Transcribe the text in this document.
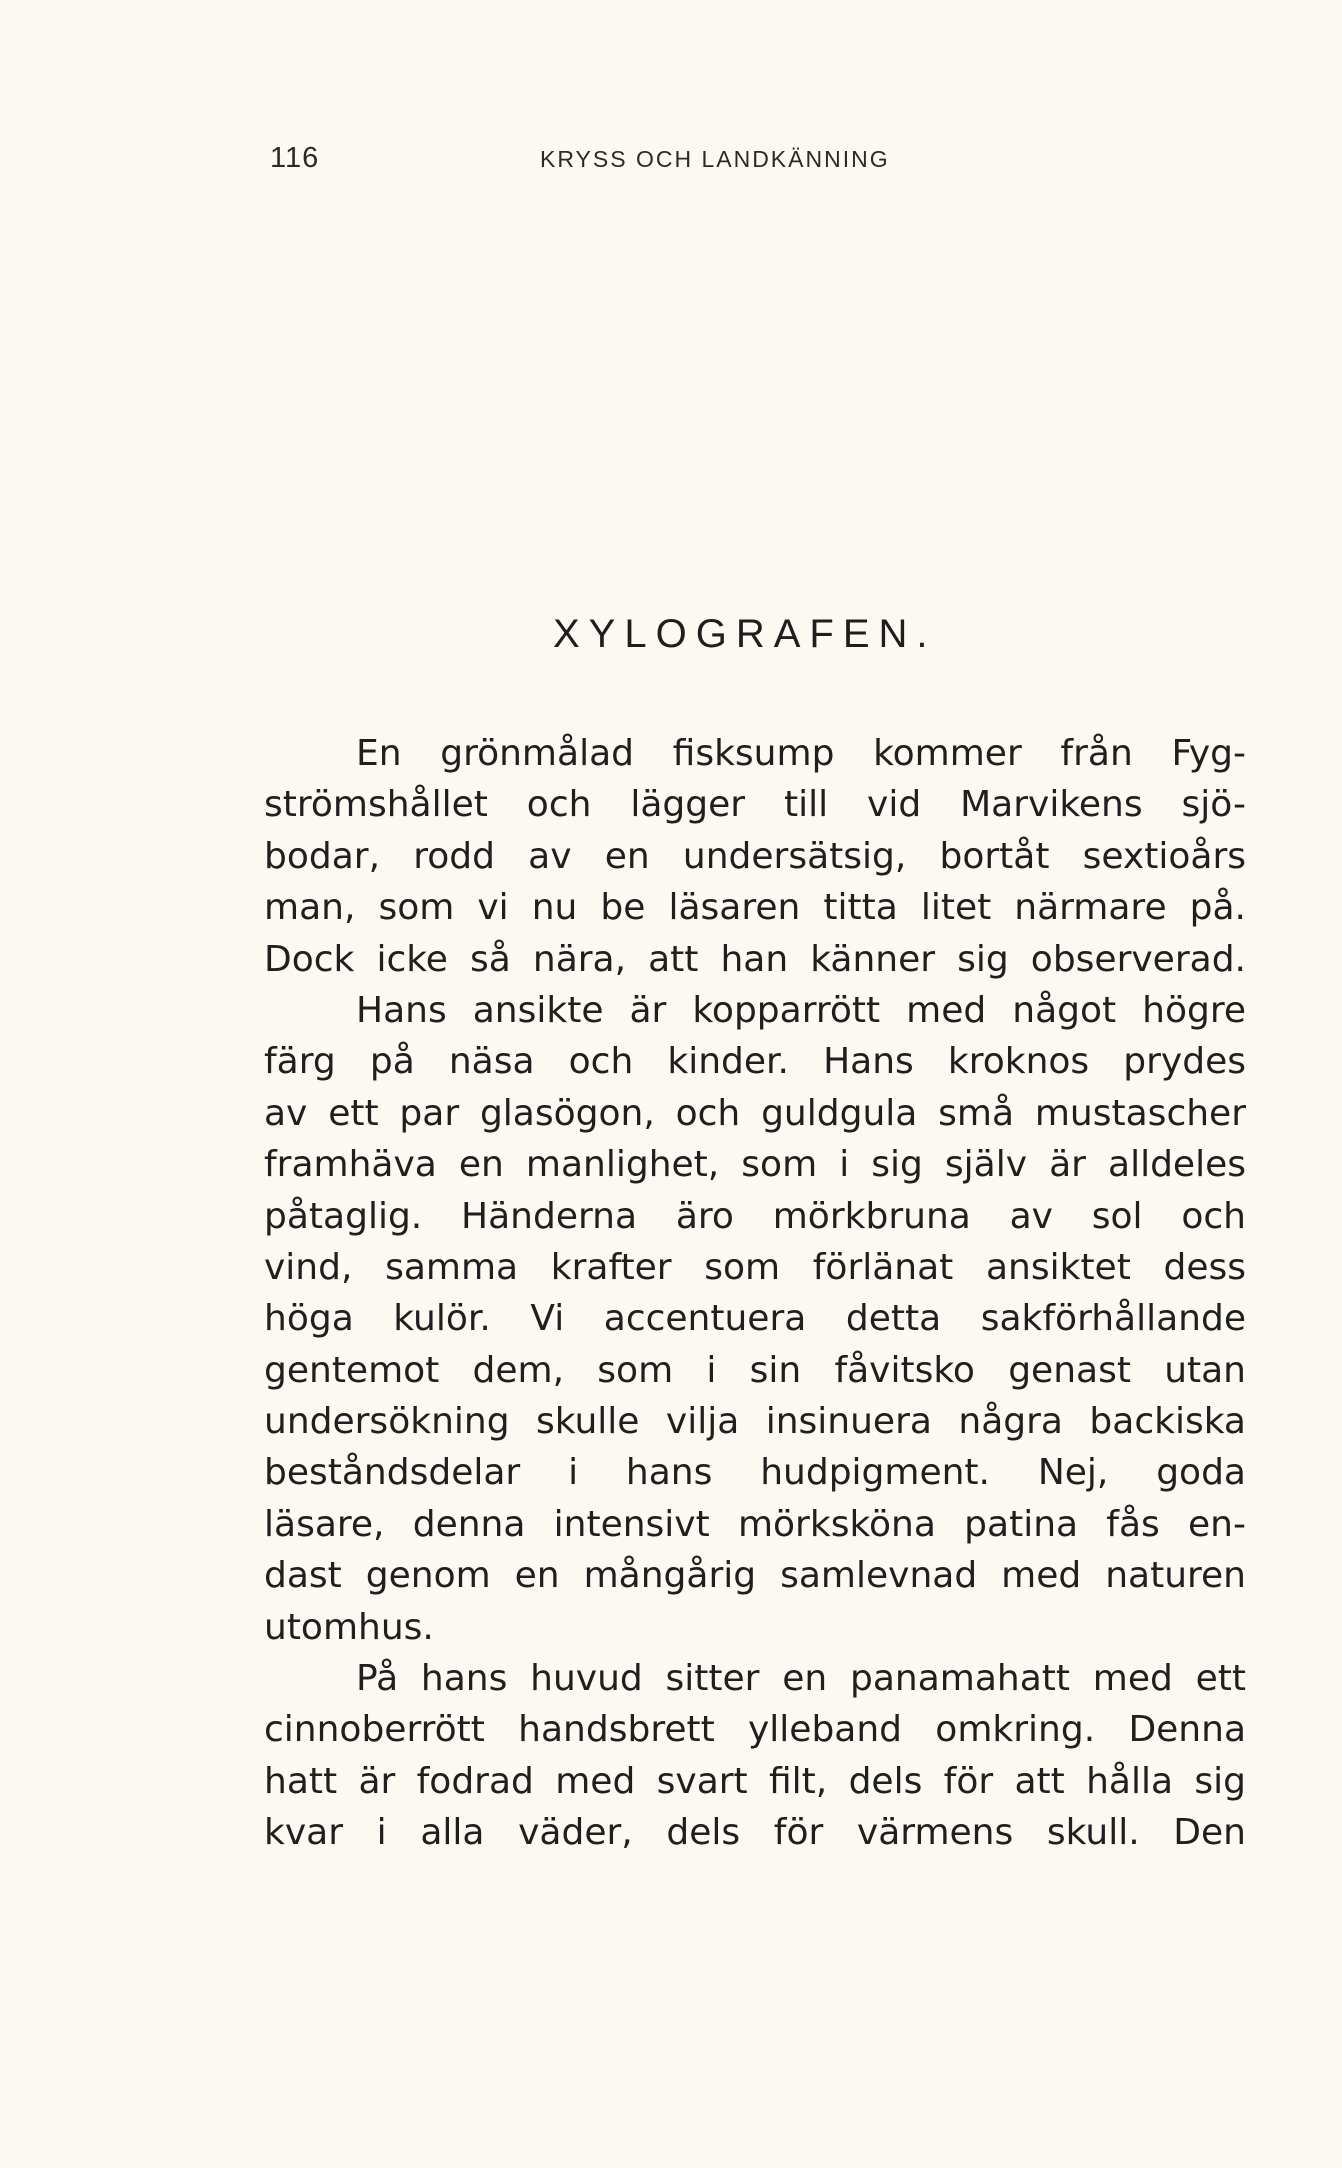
116	KRYSS OCH LANDKÄNNING
XYLOGRAFEN.
En grönmålad fisksump kommer från Fyg-
strömshållet och lägger till vid Marvikens sjö-
bodar, rodd av en undersätsig, bortåt sextioårs
man, som vi nu be läsaren titta litet närmare på.
Dock icke så nära, att han känner sig observerad.
Hans ansikte är kopparrött med något högre
färg på näsa och kinder. Hans kroknos prydes
av ett par glasögon, och guldgula små mustascher
framhäva en manlighet, som i sig själv är alldeles
påtaglig. Händerna äro mörkbruna av sol och
vind, samma krafter som förlänat ansiktet dess
höga kulör. Vi accentuera detta sakförhållande
gentemot dem, som i sin fåvitsko genast utan
undersökning skulle vilja insinuera några backiska
beståndsdelar i hans hudpigment. Nej, goda
läsare, denna intensivt mörksköna patina fås en-
dast genom en mångårig samlevnad med naturen
utomhus.
På hans huvud sitter en panamahatt med ett
cinnoberrött handsbrett ylleband omkring. Denna
hatt är fodrad med svart filt, dels för att hålla sig
kvar i alla väder, dels för värmens skull. Den
